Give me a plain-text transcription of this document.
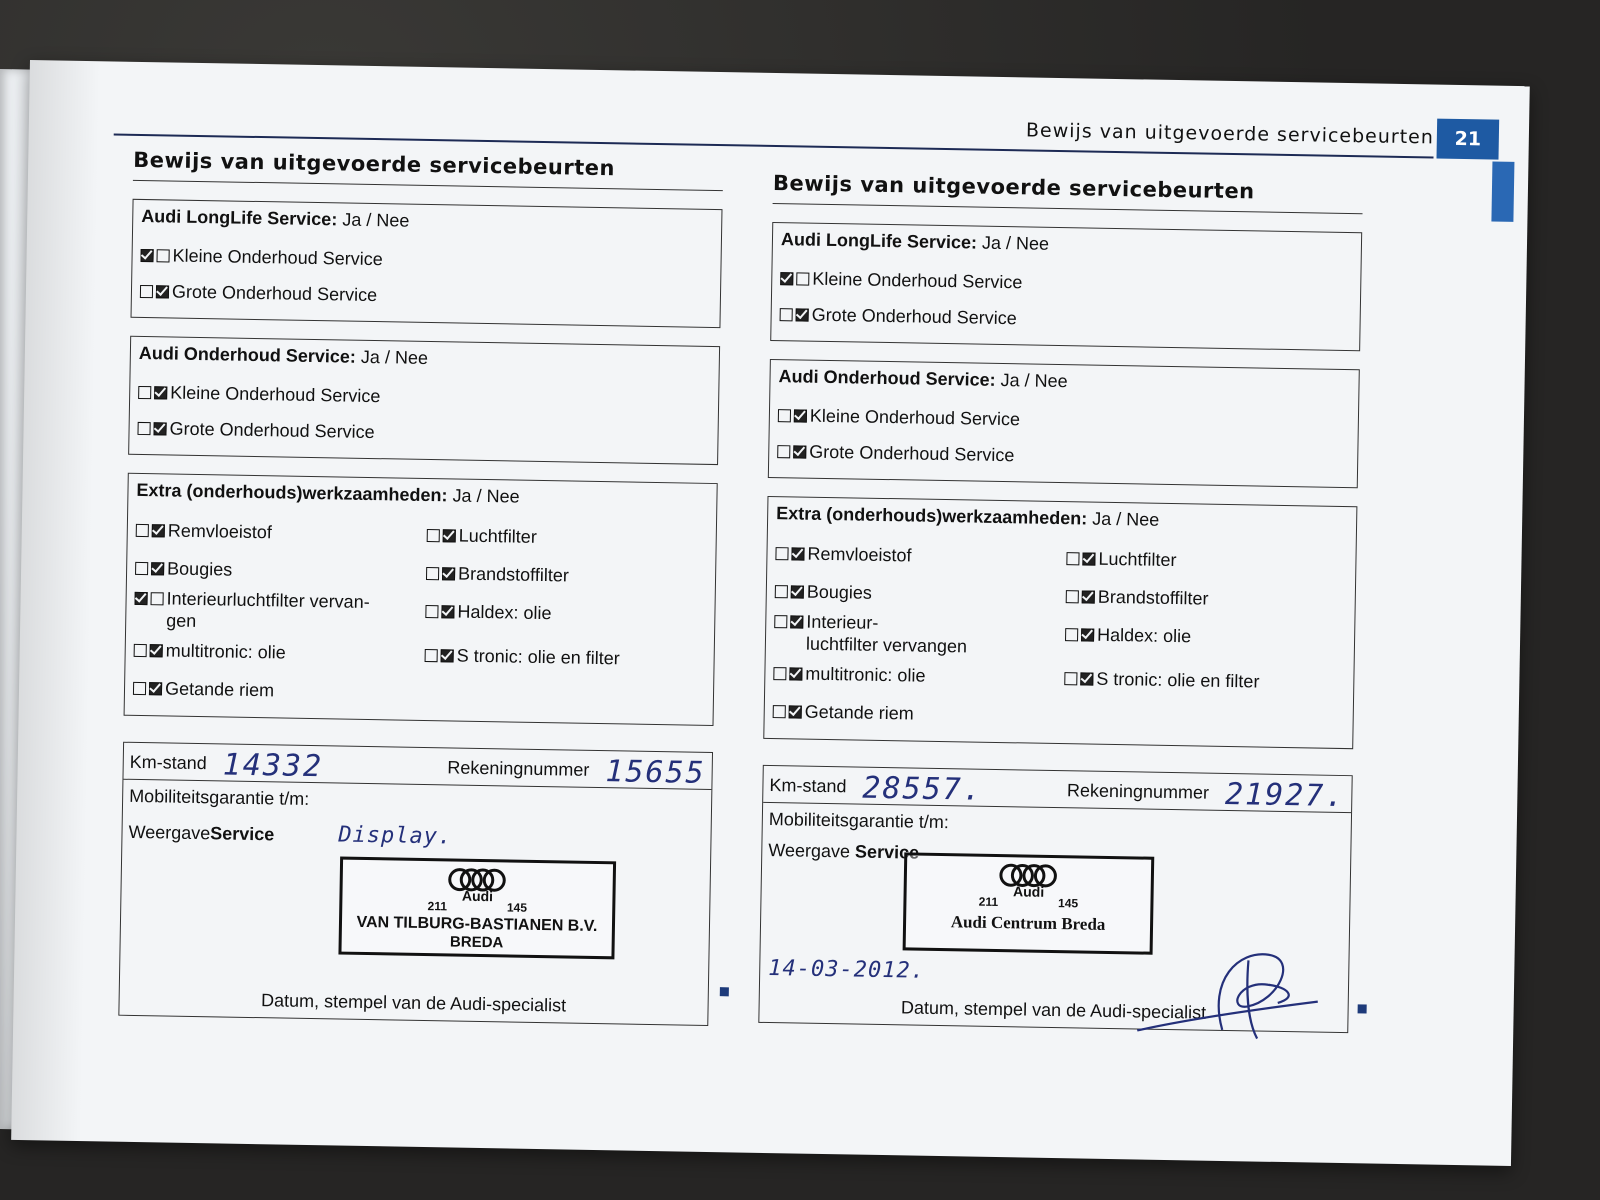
Bewijs van uitgevoerde servicebeurten	21
Bewijs van uitgevoerde servicebeurten
Audi LongLife Service: Ja / Nee
Kleine Onderhoud Service
Grote Onderhoud Service
Audi Onderhoud Service: Ja / Nee
Kleine Onderhoud Service
Grote Onderhoud Service
Extra (onderhouds)werkzaamheden: Ja / Nee
Remvloeistof	Luchtfilter
Bougies	Brandstoffilter
Interieurluchtfilter vervan-
gen	Haldex: olie
multitronic: olie	S tronic: olie en filter
Getande riem
Km-stand 14332	Rekeningnummer 15655
Mobiliteitsgarantie t/m:
Weergave Service	Display.
Audi
211	145
VAN TILBURG-BASTIANEN B.V.
BREDA
Datum, stempel van de Audi-specialist
Bewijs van uitgevoerde servicebeurten
Audi LongLife Service: Ja / Nee
Kleine Onderhoud Service
Grote Onderhoud Service
Audi Onderhoud Service: Ja / Nee
Kleine Onderhoud Service
Grote Onderhoud Service
Extra (onderhouds)werkzaamheden: Ja / Nee
Remvloeistof	Luchtfilter
Bougies	Brandstoffilter
Interieur-
luchtfilter vervangen	Haldex: olie
multitronic: olie	S tronic: olie en filter
Getande riem
Km-stand 28557.	Rekeningnummer 21927.
Mobiliteitsgarantie t/m:
Weergave Service
Audi
211	145
Audi Centrum Breda
14-03-2012.
Datum, stempel van de Audi-specialist
